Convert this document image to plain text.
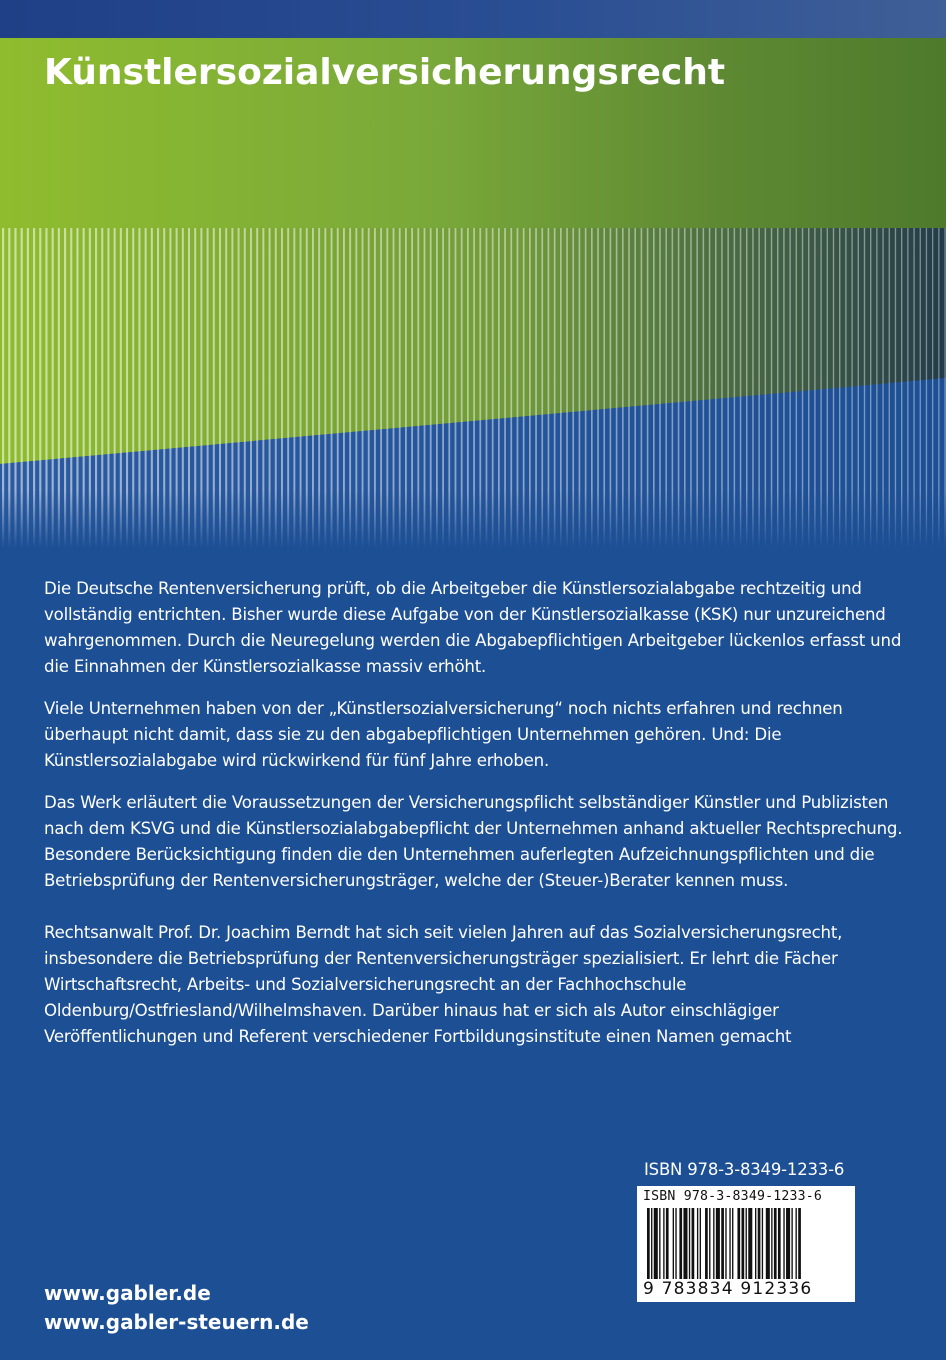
Künstlersozialversicherungsrecht

Die Deutsche Rentenversicherung prüft, ob die Arbeitgeber die Künstlersozialabgabe rechtzeitig und vollständig entrichten. Bisher wurde diese Aufgabe von der Künstlersozialkasse (KSK) nur unzureichend wahrgenommen. Durch die Neuregelung werden die Abgabepflichtigen Arbeitgeber lückenlos erfasst und die Einnahmen der Künstlersozialkasse massiv erhöht.

Viele Unternehmen haben von der „Künstlersozialversicherung“ noch nichts erfahren und rechnen überhaupt nicht damit, dass sie zu den abgabepflichtigen Unternehmen gehören. Und: Die Künstlersozialabgabe wird rückwirkend für fünf Jahre erhoben.

Das Werk erläutert die Voraussetzungen der Versicherungspflicht selbständiger Künstler und Publizisten nach dem KSVG und die Künstlersozialabgabepflicht der Unternehmen anhand aktueller Rechtsprechung. Besondere Berücksichtigung finden die den Unternehmen auferlegten Aufzeichnungspflichten und die Betriebsprüfung der Rentenversicherungsträger, welche der (Steuer-)Berater kennen muss.

Rechtsanwalt Prof. Dr. Joachim Berndt hat sich seit vielen Jahren auf das Sozialversicherungsrecht, insbesondere die Betriebsprüfung der Rentenversicherungsträger spezialisiert. Er lehrt die Fächer Wirtschaftsrecht, Arbeits- und Sozialversicherungsrecht an der Fachhochschule Oldenburg/Ostfriesland/Wilhelmshaven. Darüber hinaus hat er sich als Autor einschlägiger Veröffentlichungen und Referent verschiedener Fortbildungsinstitute einen Namen gemacht

ISBN 978-3-8349-1233-6
ISBN 978-3-8349-1233-6
9 783834 912336
www.gabler.de
www.gabler-steuern.de
